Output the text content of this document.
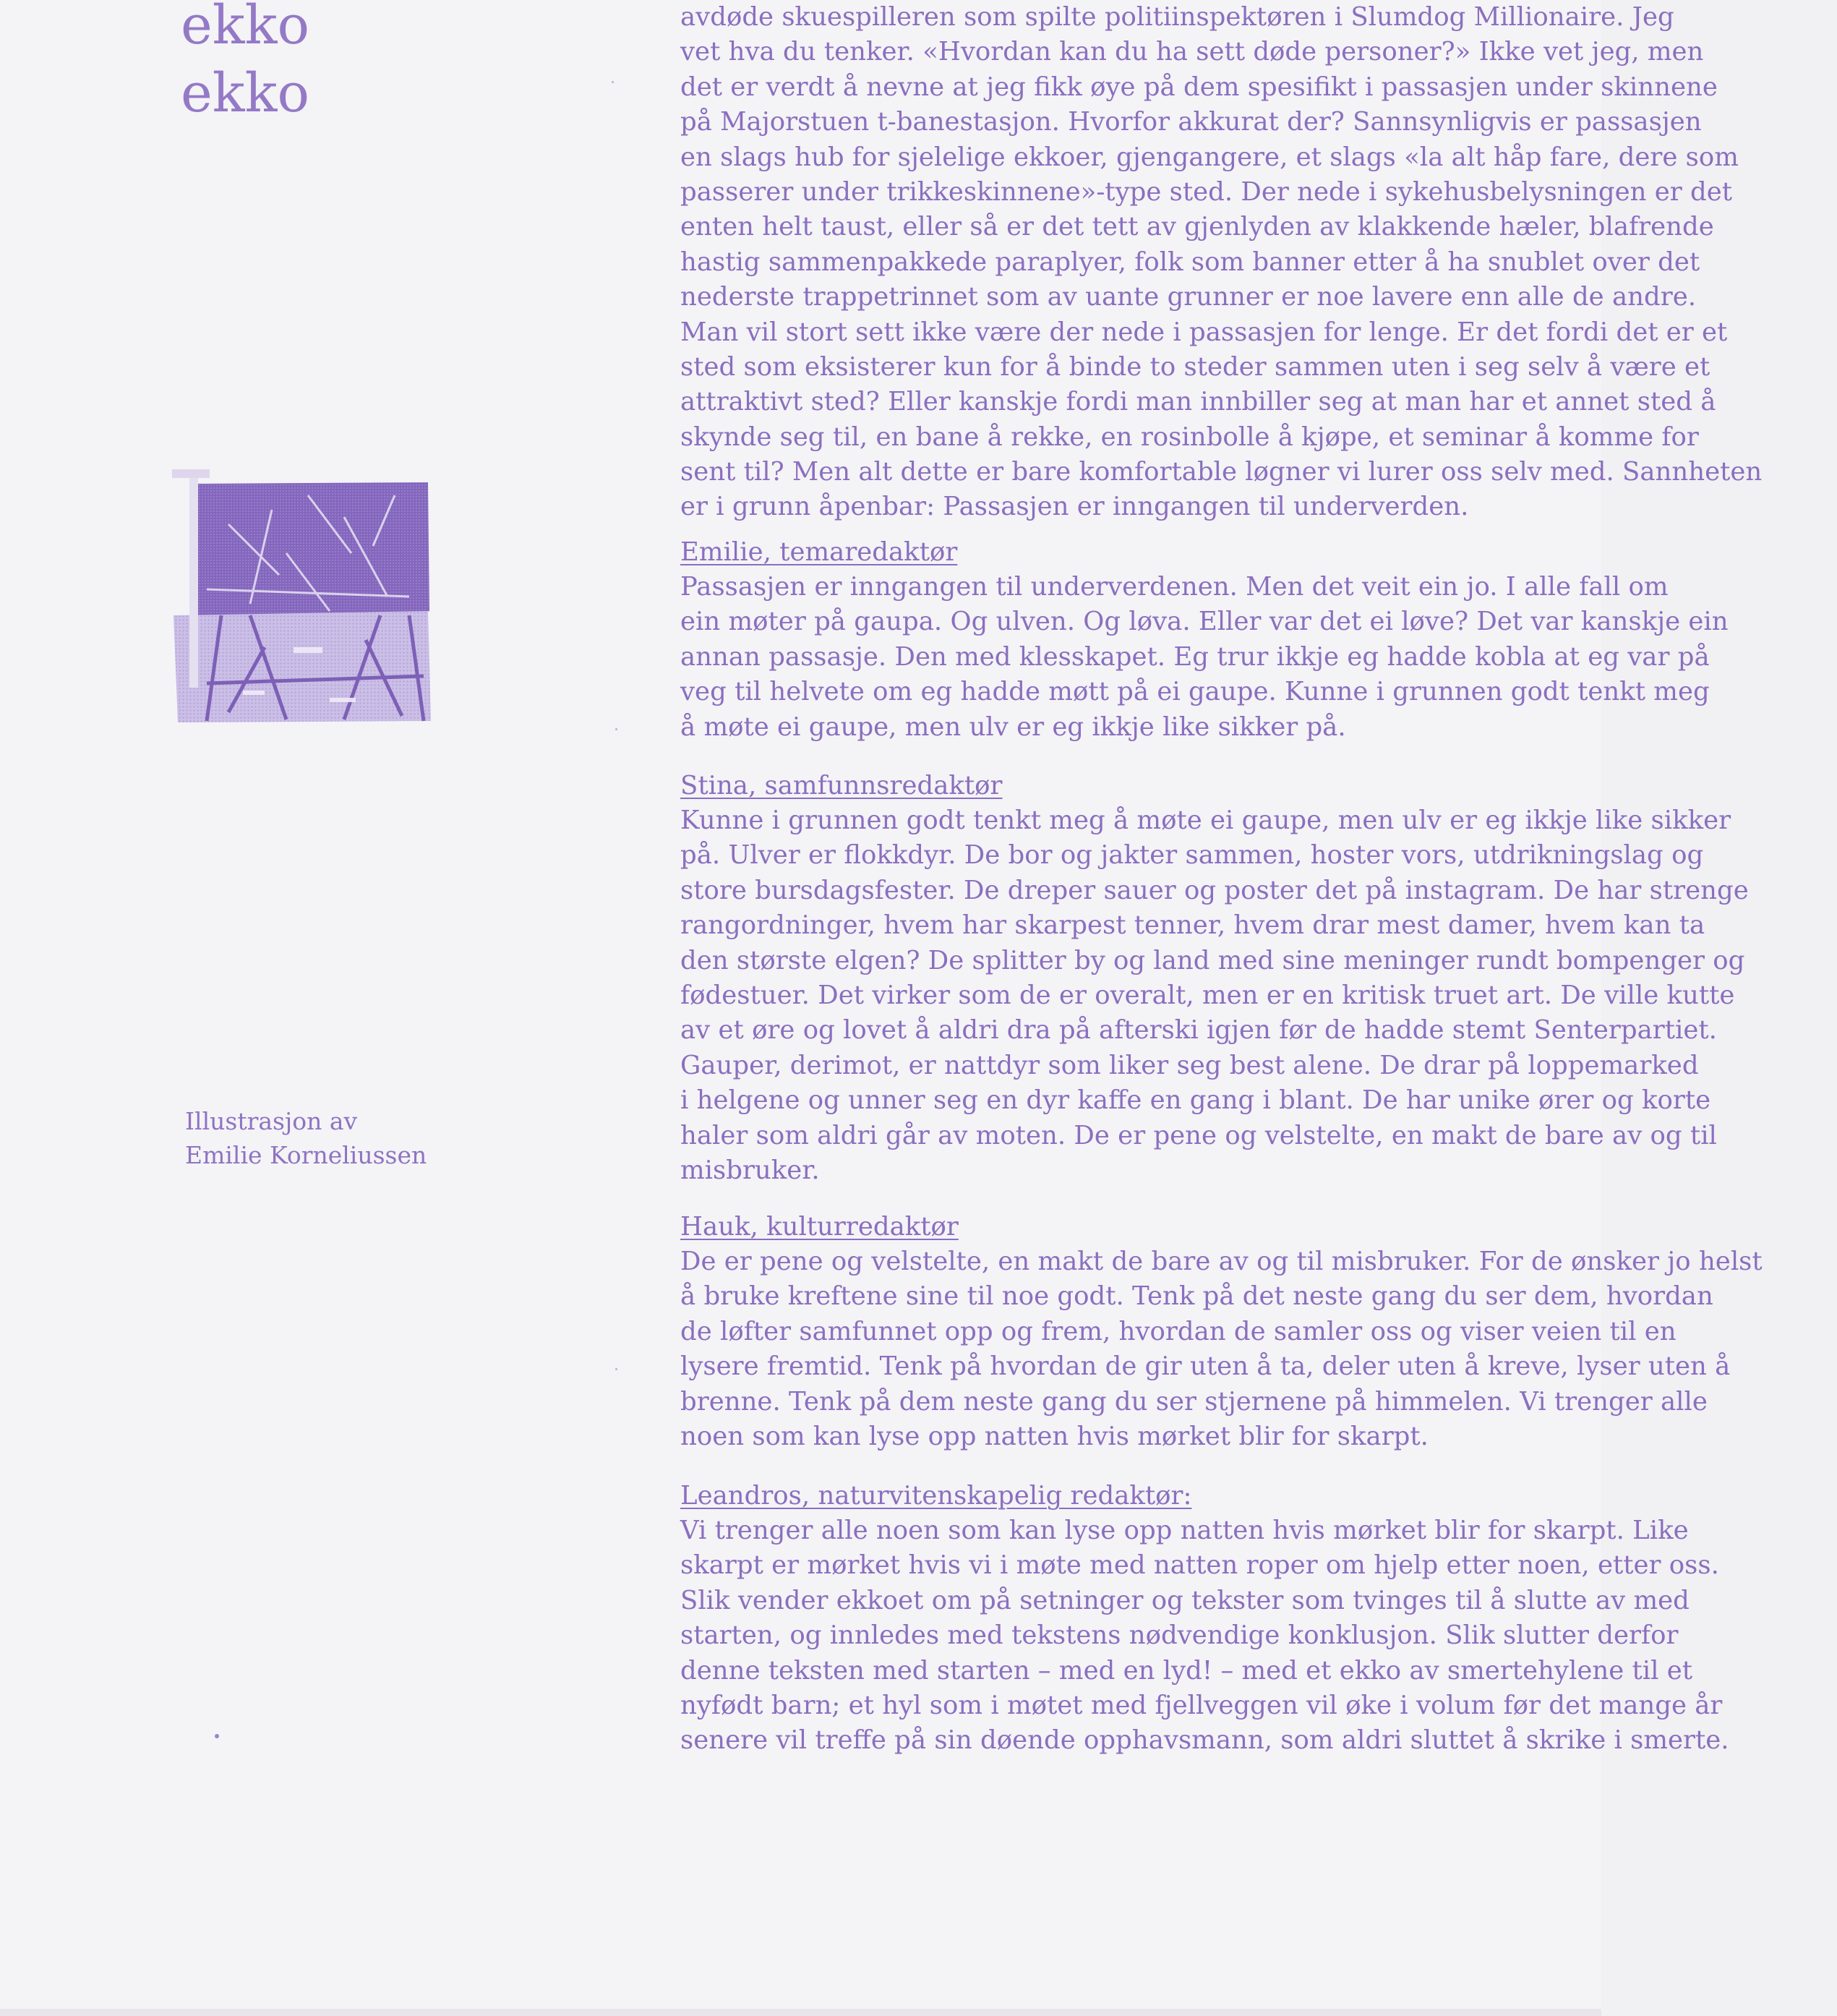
ekko
ekko
Illustrasjon av
Emilie Korneliussen
avdøde skuespilleren som spilte politiinspektøren i Slumdog Millionaire. Jeg
vet hva du tenker. «Hvordan kan du ha sett døde personer?» Ikke vet jeg, men
det er verdt å nevne at jeg fikk øye på dem spesifikt i passasjen under skinnene
på Majorstuen t-banestasjon. Hvorfor akkurat der? Sannsynligvis er passasjen
en slags hub for sjelelige ekkoer, gjengangere, et slags «la alt håp fare, dere som
passerer under trikkeskinnene»-type sted. Der nede i sykehusbelysningen er det
enten helt taust, eller så er det tett av gjenlyden av klakkende hæler, blafrende
hastig sammenpakkede paraplyer, folk som banner etter å ha snublet over det
nederste trappetrinnet som av uante grunner er noe lavere enn alle de andre.
Man vil stort sett ikke være der nede i passasjen for lenge. Er det fordi det er et
sted som eksisterer kun for å binde to steder sammen uten i seg selv å være et
attraktivt sted? Eller kanskje fordi man innbiller seg at man har et annet sted å
skynde seg til, en bane å rekke, en rosinbolle å kjøpe, et seminar å komme for
sent til? Men alt dette er bare komfortable løgner vi lurer oss selv med. Sannheten
er i grunn åpenbar: Passasjen er inngangen til underverden.
Emilie, temaredaktør
Passasjen er inngangen til underverdenen. Men det veit ein jo. I alle fall om
ein møter på gaupa. Og ulven. Og løva. Eller var det ei løve? Det var kanskje ein
annan passasje. Den med klesskapet. Eg trur ikkje eg hadde kobla at eg var på
veg til helvete om eg hadde møtt på ei gaupe. Kunne i grunnen godt tenkt meg
å møte ei gaupe, men ulv er eg ikkje like sikker på.
Stina, samfunnsredaktør
Kunne i grunnen godt tenkt meg å møte ei gaupe, men ulv er eg ikkje like sikker
på. Ulver er flokkdyr. De bor og jakter sammen, hoster vors, utdrikningslag og
store bursdagsfester. De dreper sauer og poster det på instagram. De har strenge
rangordninger, hvem har skarpest tenner, hvem drar mest damer, hvem kan ta
den største elgen? De splitter by og land med sine meninger rundt bompenger og
fødestuer. Det virker som de er overalt, men er en kritisk truet art. De ville kutte
av et øre og lovet å aldri dra på afterski igjen før de hadde stemt Senterpartiet.
Gauper, derimot, er nattdyr som liker seg best alene. De drar på loppemarked
i helgene og unner seg en dyr kaffe en gang i blant. De har unike ører og korte
haler som aldri går av moten. De er pene og velstelte, en makt de bare av og til
misbruker.
Hauk, kulturredaktør
De er pene og velstelte, en makt de bare av og til misbruker. For de ønsker jo helst
å bruke kreftene sine til noe godt. Tenk på det neste gang du ser dem, hvordan
de løfter samfunnet opp og frem, hvordan de samler oss og viser veien til en
lysere fremtid. Tenk på hvordan de gir uten å ta, deler uten å kreve, lyser uten å
brenne. Tenk på dem neste gang du ser stjernene på himmelen. Vi trenger alle
noen som kan lyse opp natten hvis mørket blir for skarpt.
Leandros, naturvitenskapelig redaktør:
Vi trenger alle noen som kan lyse opp natten hvis mørket blir for skarpt. Like
skarpt er mørket hvis vi i møte med natten roper om hjelp etter noen, etter oss.
Slik vender ekkoet om på setninger og tekster som tvinges til å slutte av med
starten, og innledes med tekstens nødvendige konklusjon. Slik slutter derfor
denne teksten med starten – med en lyd! – med et ekko av smertehylene til et
nyfødt barn; et hyl som i møtet med fjellveggen vil øke i volum før det mange år
senere vil treffe på sin døende opphavsmann, som aldri sluttet å skrike i smerte.
